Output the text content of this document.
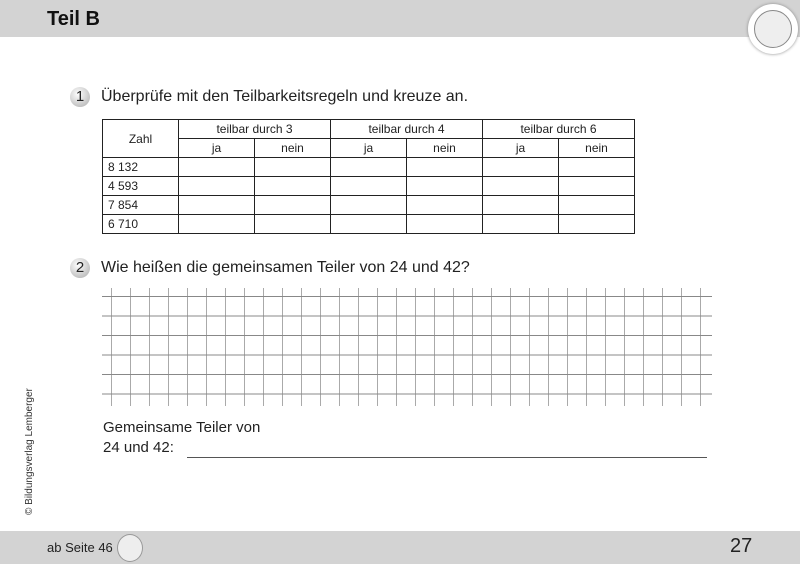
Teil B
1	Überprüfe mit den Teilbarkeitsregeln und kreuze an.
Zahl	teilbar durch 3		teilbar durch 4		teilbar durch 6	
	ja	nein	ja	nein	ja	nein
8 132						
4 593						
7 854						
6 710						
2	Wie heißen die gemeinsamen Teiler von 24 und 42?
Gemeinsame Teiler von
24 und 42:
© Bildungsverlag Lemberger
ab Seite 46	27
